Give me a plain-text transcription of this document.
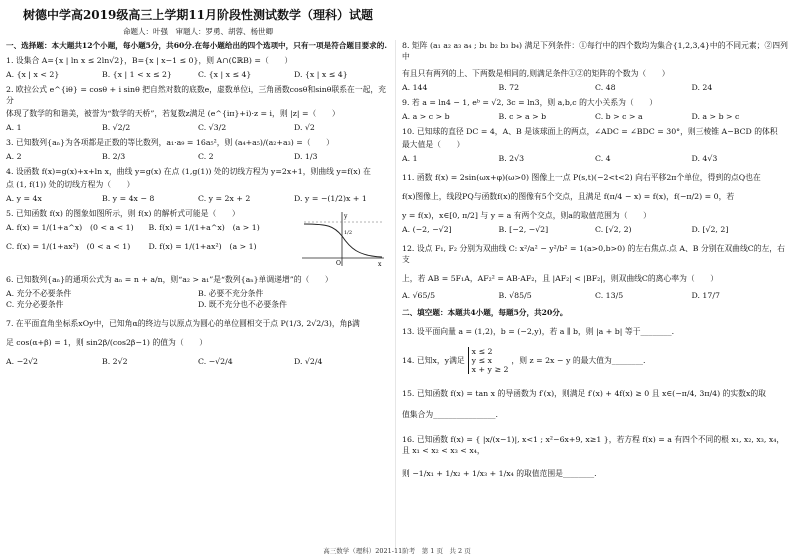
树德中学高2019级高三上学期11月阶段性测试数学（理科）试题
命题人：叶强　审题人：罗勇、胡蓉、杨世卿
一、选择题：本大题共12个小题，每小题5分，共60分.在每小题给出的四个选项中，只有一项是符合题目要求的.
1. 设集合 A={x | ln x ≤ 2ln√2}，B={x | x−1 ≤ 0}，则 A∩(∁ℝB) =（　　）
A. {x | x < 2}	B. {x | 1 < x ≤ 2}	C. {x | x ≤ 4}	D. {x | x ≤ 4}
2. 欧拉公式 e^{iθ} = cosθ + i sinθ 把自然对数的底数e，虚数单位i，三角函数cosθ和sinθ联系在一起，充分
体现了数学的和谐美，被誉为“数学的天桥”，若复数z满足 (e^{iπ}+i)·z = i，则 |z| =（　　）
A. 1	B. √2/2	C. √3/2	D. √2
3. 已知数列{aₙ}为各项都是正数的等比数列，a₁·a₉ = 16a₅²，则 (a₄+a₅)/(a₂+a₃) =（　　）
A. 2	B. 2/3	C. 2	D. 1/3
4. 设函数 f(x)=g(x)+x+ln x，曲线 y=g(x) 在点 (1,g(1)) 处的切线方程为 y=2x+1，则曲线 y=f(x) 在
点 (1, f(1)) 处的切线方程为（　　）
A. y = 4x	B. y = 4x − 8	C. y = 2x + 2	D. y = −(1/2)x + 1
5. 已知函数 f(x) 的图象如图所示，则 f(x) 的解析式可能是（　　）
A. f(x) = 1/(1+a^x)　(0 < a < 1)	B. f(x) = 1/(1+a^x)　(a > 1)
C. f(x) = 1/(1+ax²)　(0 < a < 1)	D. f(x) = 1/(1+ax²)　(a > 1)
y
x
O
1/2
6. 已知数列{aₙ}的通项公式为 aₙ = n + a/n，则“a₂ > a₁”是“数列{aₙ}单调递增”的（　　）
A. 充分不必要条件	B. 必要不充分条件
C. 充分必要条件	D. 既不充分也不必要条件
7. 在平面直角坐标系xOy中，已知角α的终边与以原点为圆心的单位圆相交于点 P(1/3, 2√2/3)，角β满
足 cos(α+β) = 1，则 sin2β/(cos2β−1) 的值为（　　）
A. −2√2	B. 2√2	C. −√2/4	D. √2/4
8. 矩阵 (a₁ a₂ a₃ a₄ ; b₁ b₂ b₃ b₄) 满足下列条件：①每行中的四个数均为集合{1,2,3,4}中的不同元素；②四列中
有且只有两列的上、下两数是相同的,则满足条件①②的矩阵的个数为（　　）
A. 144	B. 72	C. 48	D. 24
9. 若 a = ln4 − 1, eᵇ = √2, 3c = ln3，则 a,b,c 的大小关系为（　　）
A. a > c > b	B. c > a > b	C. b > c > a	D. a > b > c
10. 已知球的直径 DC = 4，A、B 是该球面上的两点，∠ADC = ∠BDC = 30°，则三棱锥 A−BCD 的体积
最大值是（　　）
A. 1	B. 2√3	C. 4	D. 4√3
11. 函数 f(x) = 2sin(ωx+φ)(ω>0) 图像上一点 P(s,t)(−2<t<2) 向右平移2π个单位，得到的点Q也在
f(x)图像上，线段PQ与函数f(x)的图像有5个交点，且满足 f(π/4 − x) = f(x)，f(−π/2) = 0，若
y = f(x)，x∈[0, π/2] 与 y = a 有两个交点，则a的取值范围为（　　）
A. (−2, −√2]	B. [−2, −√2]	C. [√2, 2)	D. [√2, 2]
12. 设点 F₁, F₂ 分别为双曲线 C: x²/a² − y²/b² = 1(a>0,b>0) 的左右焦点.点 A、B 分别在双曲线C的左，右支
上，若 AB = 5F₁A，AF₂² = AB·AF₂，且 |AF₂| < |BF₂|，则双曲线C的离心率为（　　）
A. √65/5	B. √85/5	C. 13/5	D. 17/7
二、填空题：本题共4小题，每题5分，共20分。
13. 设平面向量 a = (1,2)，b = (−2,y)，若 a ∥ b，则 |a + b| 等于________.
14. 已知x，y满足
x ≤ 2
y ≤ x
x + y ≥ 2
，则 z = 2x − y 的最大值为________.
15. 已知函数 f(x) = tan x 的导函数为 f′(x)，则满足 f′(x) + 4f(x) ≥ 0 且 x∈(−π/4, 3π/4) 的实数x的取
值集合为________________.
16. 已知函数 f(x) = { |x/(x−1)|, x<1 ; x²−6x+9, x≥1 }，若方程 f(x) = a 有四个不同的根 x₁, x₂, x₃, x₄，且 x₁ < x₂ < x₃ < x₄，
则 −1/x₁ + 1/x₂ + 1/x₃ + 1/x₄ 的取值范围是________.
高三数学（理科）2021-11阶考　第 1 页　共 2 页
